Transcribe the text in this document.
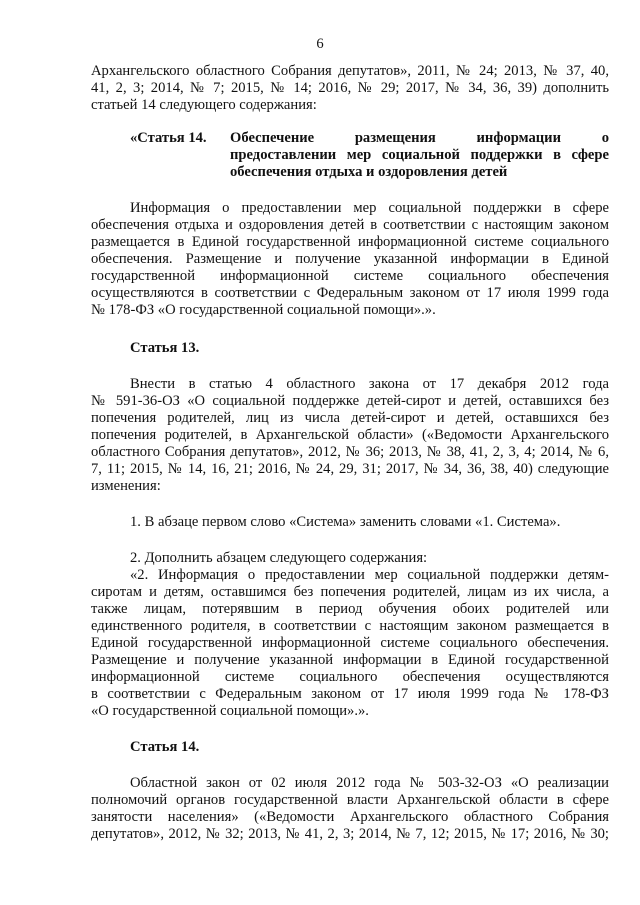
6
Архангельского областного Собрания депутатов», 2011, № 24; 2013, № 37, 40,
41, 2, 3; 2014, № 7; 2015, № 14; 2016, № 29; 2017, № 34, 36, 39) дополнить
статьей 14 следующего содержания:
«Статья 14. Обеспечение размещения информации о
предоставлении мер социальной поддержки в сфере
обеспечения отдыха и оздоровления детей
Информация о предоставлении мер социальной поддержки в сфере
обеспечения отдыха и оздоровления детей в соответствии с настоящим законом
размещается в Единой государственной информационной системе социального
обеспечения. Размещение и получение указанной информации в Единой
государственной информационной системе социального обеспечения
осуществляются в соответствии с Федеральным законом от 17 июля 1999 года
№ 178-ФЗ «О государственной социальной помощи».».
Статья 13.
Внести в статью 4 областного закона от 17 декабря 2012 года
№ 591-36-ОЗ «О социальной поддержке детей-сирот и детей, оставшихся без
попечения родителей, лиц из числа детей-сирот и детей, оставшихся без
попечения родителей, в Архангельской области» («Ведомости Архангельского
областного Собрания депутатов», 2012, № 36; 2013, № 38, 41, 2, 3, 4; 2014, № 6,
7, 11; 2015, № 14, 16, 21; 2016, № 24, 29, 31; 2017, № 34, 36, 38, 40) следующие
изменения:
1. В абзаце первом слово «Система» заменить словами «1. Система».
2. Дополнить абзацем следующего содержания:
«2. Информация о предоставлении мер социальной поддержки детям-
сиротам и детям, оставшимся без попечения родителей, лицам из их числа, а
также лицам, потерявшим в период обучения обоих родителей или
единственного родителя, в соответствии с настоящим законом размещается в
Единой государственной информационной системе социального обеспечения.
Размещение и получение указанной информации в Единой государственной
информационной системе социального обеспечения осуществляются
в соответствии с Федеральным законом от 17 июля 1999 года № 178-ФЗ
«О государственной социальной помощи».».
Статья 14.
Областной закон от 02 июля 2012 года № 503-32-ОЗ «О реализации
полномочий органов государственной власти Архангельской области в сфере
занятости населения» («Ведомости Архангельского областного Собрания
депутатов», 2012, № 32; 2013, № 41, 2, 3; 2014, № 7, 12; 2015, № 17; 2016, № 30;
